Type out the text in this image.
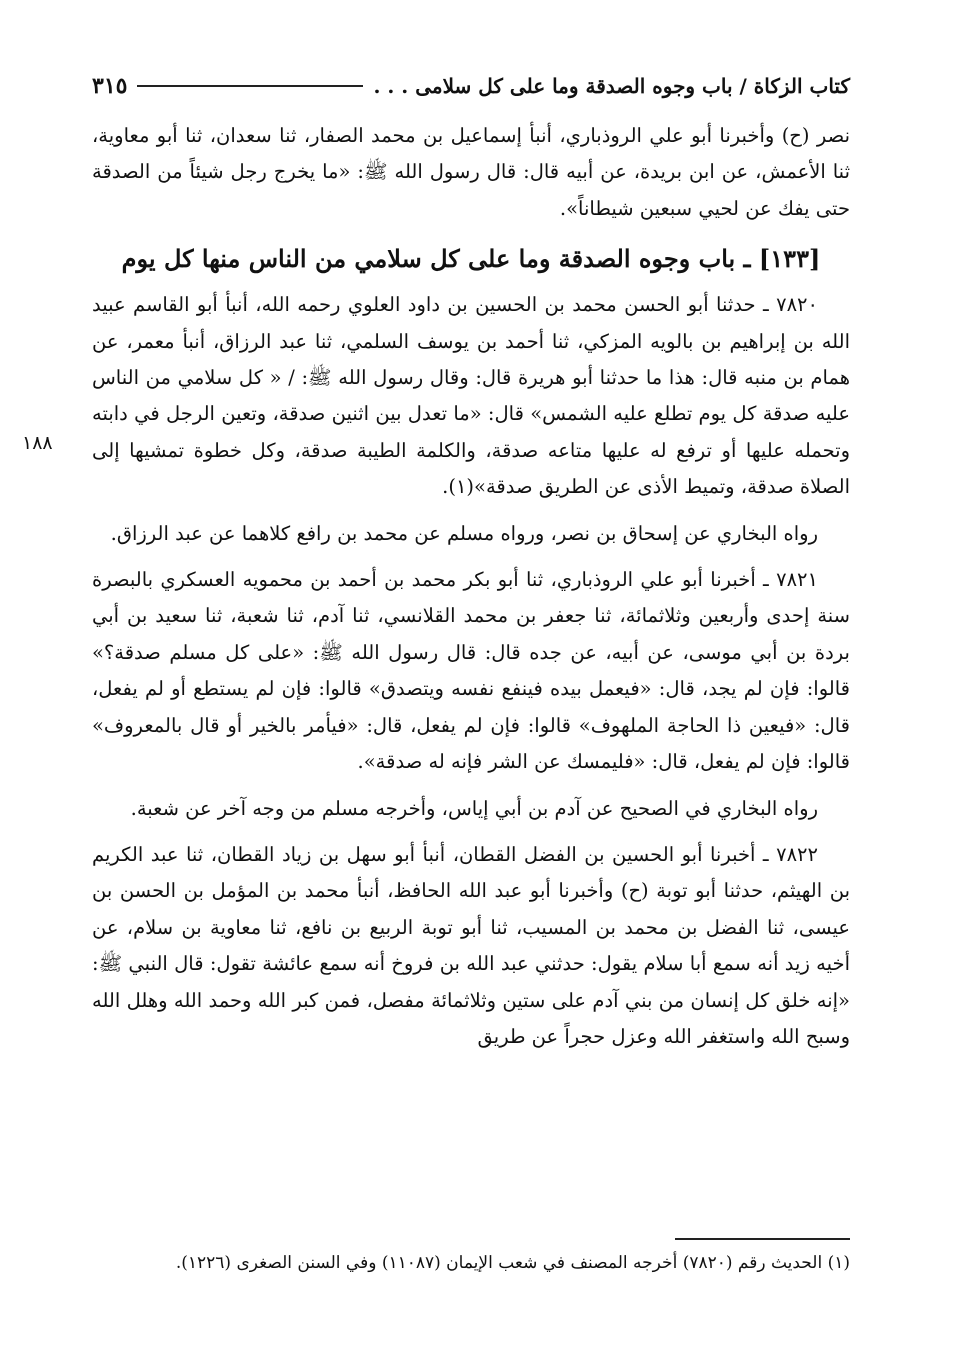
كتاب الزكاة / باب وجوه الصدقة وما على كل سلامى . . .
٣١٥

نصر (ح) وأخبرنا أبو علي الروذباري، أنبأ إسماعيل بن محمد الصفار، ثنا سعدان، ثنا أبو معاوية، ثنا الأعمش، عن ابن بريدة، عن أبيه قال: قال رسول الله ﷺ: «ما يخرج رجل شيئاً من الصدقة حتى يفك عن لحيي سبعين شيطاناً».

[١٣٣] ـ باب وجوه الصدقة وما على كل سلامي من الناس منها كل يوم

٧٨٢٠ ـ حدثنا أبو الحسن محمد بن الحسين بن داود العلوي رحمه الله، أنبأ أبو القاسم عبيد الله بن إبراهيم بن بالويه المزكي، ثنا أحمد بن يوسف السلمي، ثنا عبد الرزاق، أنبأ معمر، عن همام بن منبه قال: هذا ما حدثنا أبو هريرة قال: وقال رسول الله ﷺ: / « كل سلامي من الناس عليه صدقة كل يوم تطلع عليه الشمس» قال: «ما تعدل بين اثنين صدقة، وتعين الرجل في دابته وتحمله عليها أو ترفع له عليها متاعه صدقة، والكلمة الطيبة صدقة، وكل خطوة تمشيها إلى الصلاة صدقة، وتميط الأذى عن الطريق صدقة»(١).

رواه البخاري عن إسحاق بن نصر، ورواه مسلم عن محمد بن رافع كلاهما عن عبد الرزاق.

٧٨٢١ ـ أخبرنا أبو علي الروذباري، ثنا أبو بكر محمد بن أحمد بن محمويه العسكري بالبصرة سنة إحدى وأربعين وثلاثمائة، ثنا جعفر بن محمد القلانسي، ثنا آدم، ثنا شعبة، ثنا سعيد بن أبي بردة بن أبي موسى، عن أبيه، عن جده قال: قال رسول الله ﷺ: «على كل مسلم صدقة؟» قالوا: فإن لم يجد، قال: «فيعمل بيده فينفع نفسه ويتصدق» قالوا: فإن لم يستطع أو لم يفعل، قال: «فيعين ذا الحاجة الملهوف» قالوا: فإن لم يفعل، قال: «فيأمر بالخير أو قال بالمعروف» قالوا: فإن لم يفعل، قال: «فليمسك عن الشر فإنه له صدقة».

رواه البخاري في الصحيح عن آدم بن أبي إياس، وأخرجه مسلم من وجه آخر عن شعبة.

٧٨٢٢ ـ أخبرنا أبو الحسين بن الفضل القطان، أنبأ أبو سهل بن زياد القطان، ثنا عبد الكريم بن الهيثم، حدثنا أبو توبة (ح) وأخبرنا أبو عبد الله الحافظ، أنبأ محمد بن المؤمل بن الحسن بن عيسى، ثنا الفضل بن محمد بن المسيب، ثنا أبو توبة الربيع بن نافع، ثنا معاوية بن سلام، عن أخيه زيد أنه سمع أبا سلام يقول: حدثني عبد الله بن فروخ أنه سمع عائشة تقول: قال النبي ﷺ: «إنه خلق كل إنسان من بني آدم على ستين وثلاثمائة مفصل، فمن كبر الله وحمد الله وهلل الله وسبح الله واستغفر الله وعزل حجراً عن طريق

١٨٨
(١) الحديث رقم (٧٨٢٠) أخرجه المصنف في شعب الإيمان (١١٠٨٧) وفي السنن الصغرى (١٢٢٦).
